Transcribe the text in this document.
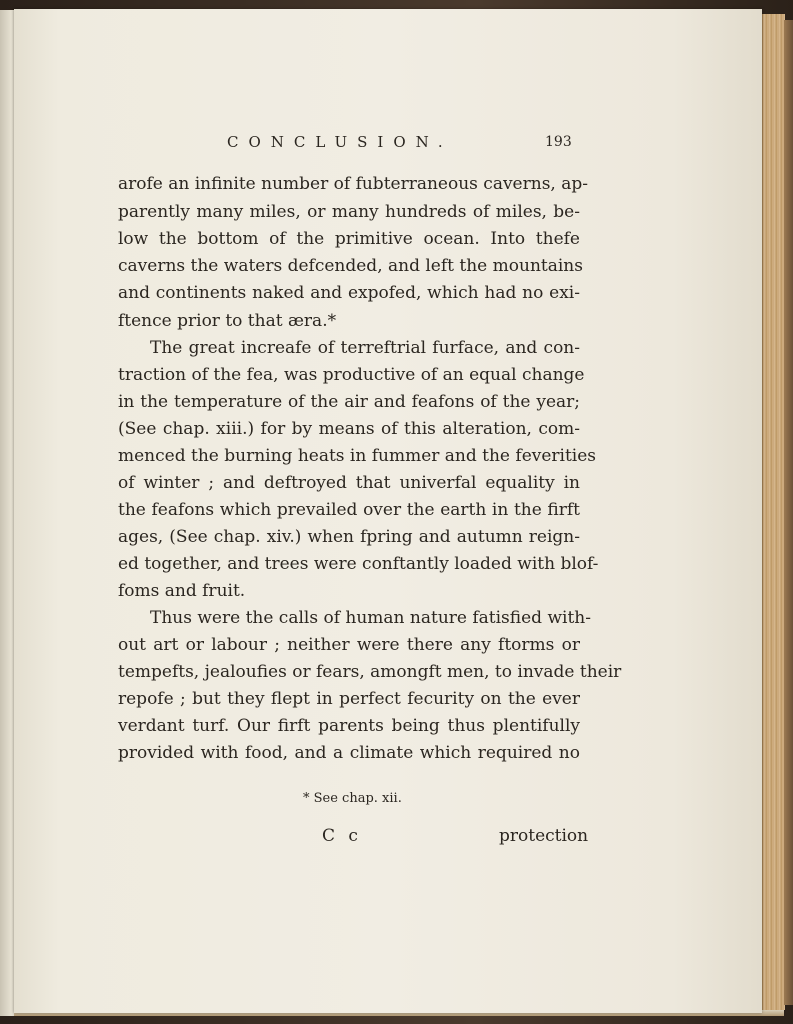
CONCLUSION.	193
arofe an infinite number of fubterraneous caverns, ap-
parently many miles, or many hundreds of miles, be-
low the bottom of the primitive ocean. Into thefe
caverns the waters defcended, and left the mountains
and continents naked and expofed, which had no exi-
ftence prior to that æra.*
The great increafe of terreftrial furface, and con-
traction of the fea, was productive of an equal change
in the temperature of the air and feafons of the year;
(See chap. xiii.) for by means of this alteration, com-
menced the burning heats in fummer and the feverities
of winter ; and deftroyed that univerfal equality in
the feafons which prevailed over the earth in the firft
ages, (See chap. xiv.) when fpring and autumn reign-
ed together, and trees were conftantly loaded with blof-
foms and fruit.
Thus were the calls of human nature fatisfied with-
out art or labour ; neither were there any ftorms or
tempefts, jealoufies or fears, amongft men, to invade their
repofe ; but they flept in perfect fecurity on the ever
verdant turf. Our firft parents being thus plentifully
provided with food, and a climate which required no
* See chap. xii.
C c	protection
